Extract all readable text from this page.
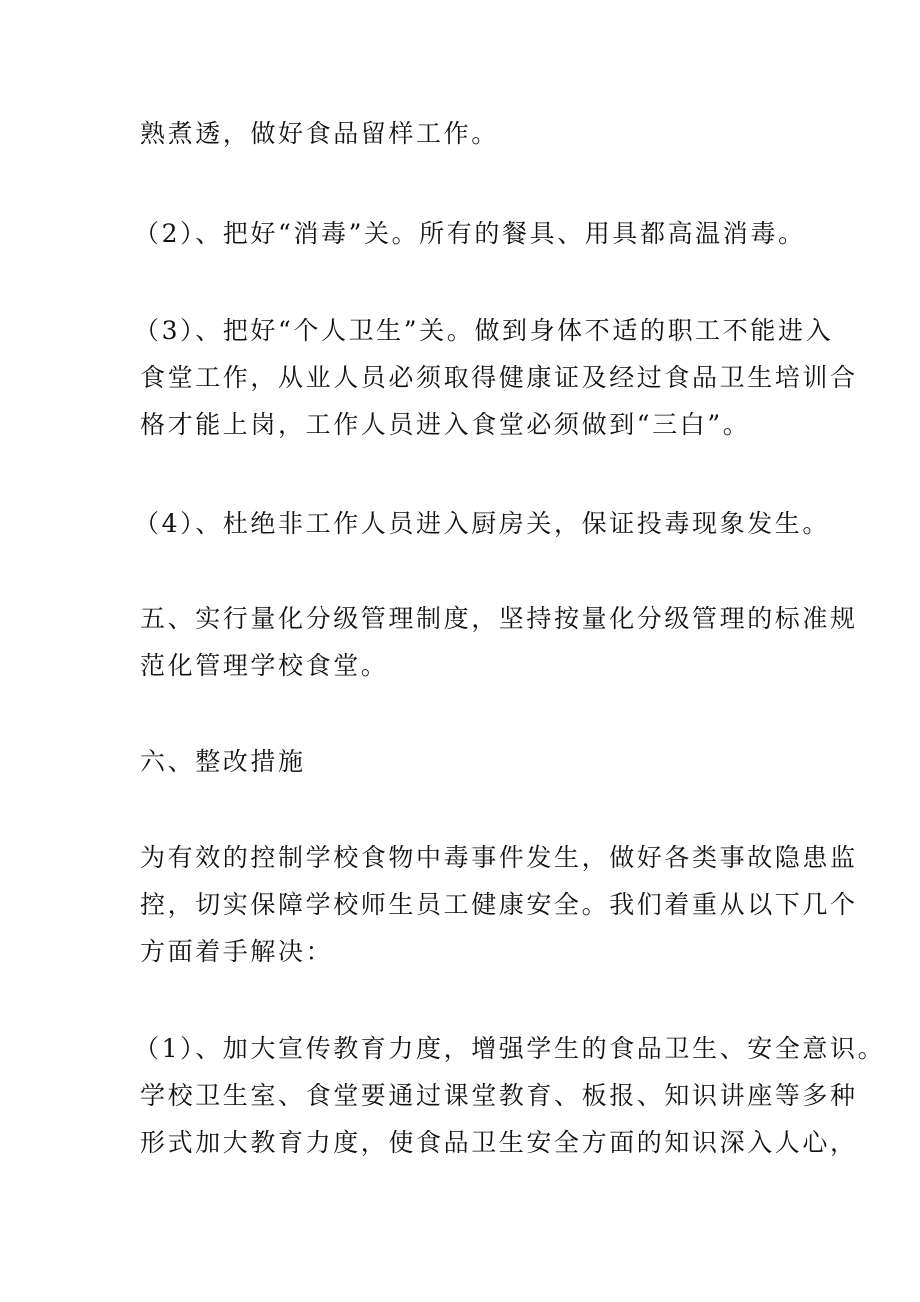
熟煮透，做好食品留样工作。

（2）、把好“消毒”关。所有的餐具、用具都高温消毒。

（3）、把好“个人卫生”关。做到身体不适的职工不能进入
食堂工作，从业人员必须取得健康证及经过食品卫生培训合
格才能上岗，工作人员进入食堂必须做到“三白”。

（4）、杜绝非工作人员进入厨房关，保证投毒现象发生。

五、实行量化分级管理制度，坚持按量化分级管理的标准规
范化管理学校食堂。

六、整改措施

为有效的控制学校食物中毒事件发生，做好各类事故隐患监
控，切实保障学校师生员工健康安全。我们着重从以下几个
方面着手解决：

（1）、加大宣传教育力度，增强学生的食品卫生、安全意识。
学校卫生室、食堂要通过课堂教育、板报、知识讲座等多种
形式加大教育力度，使食品卫生安全方面的知识深入人心，
